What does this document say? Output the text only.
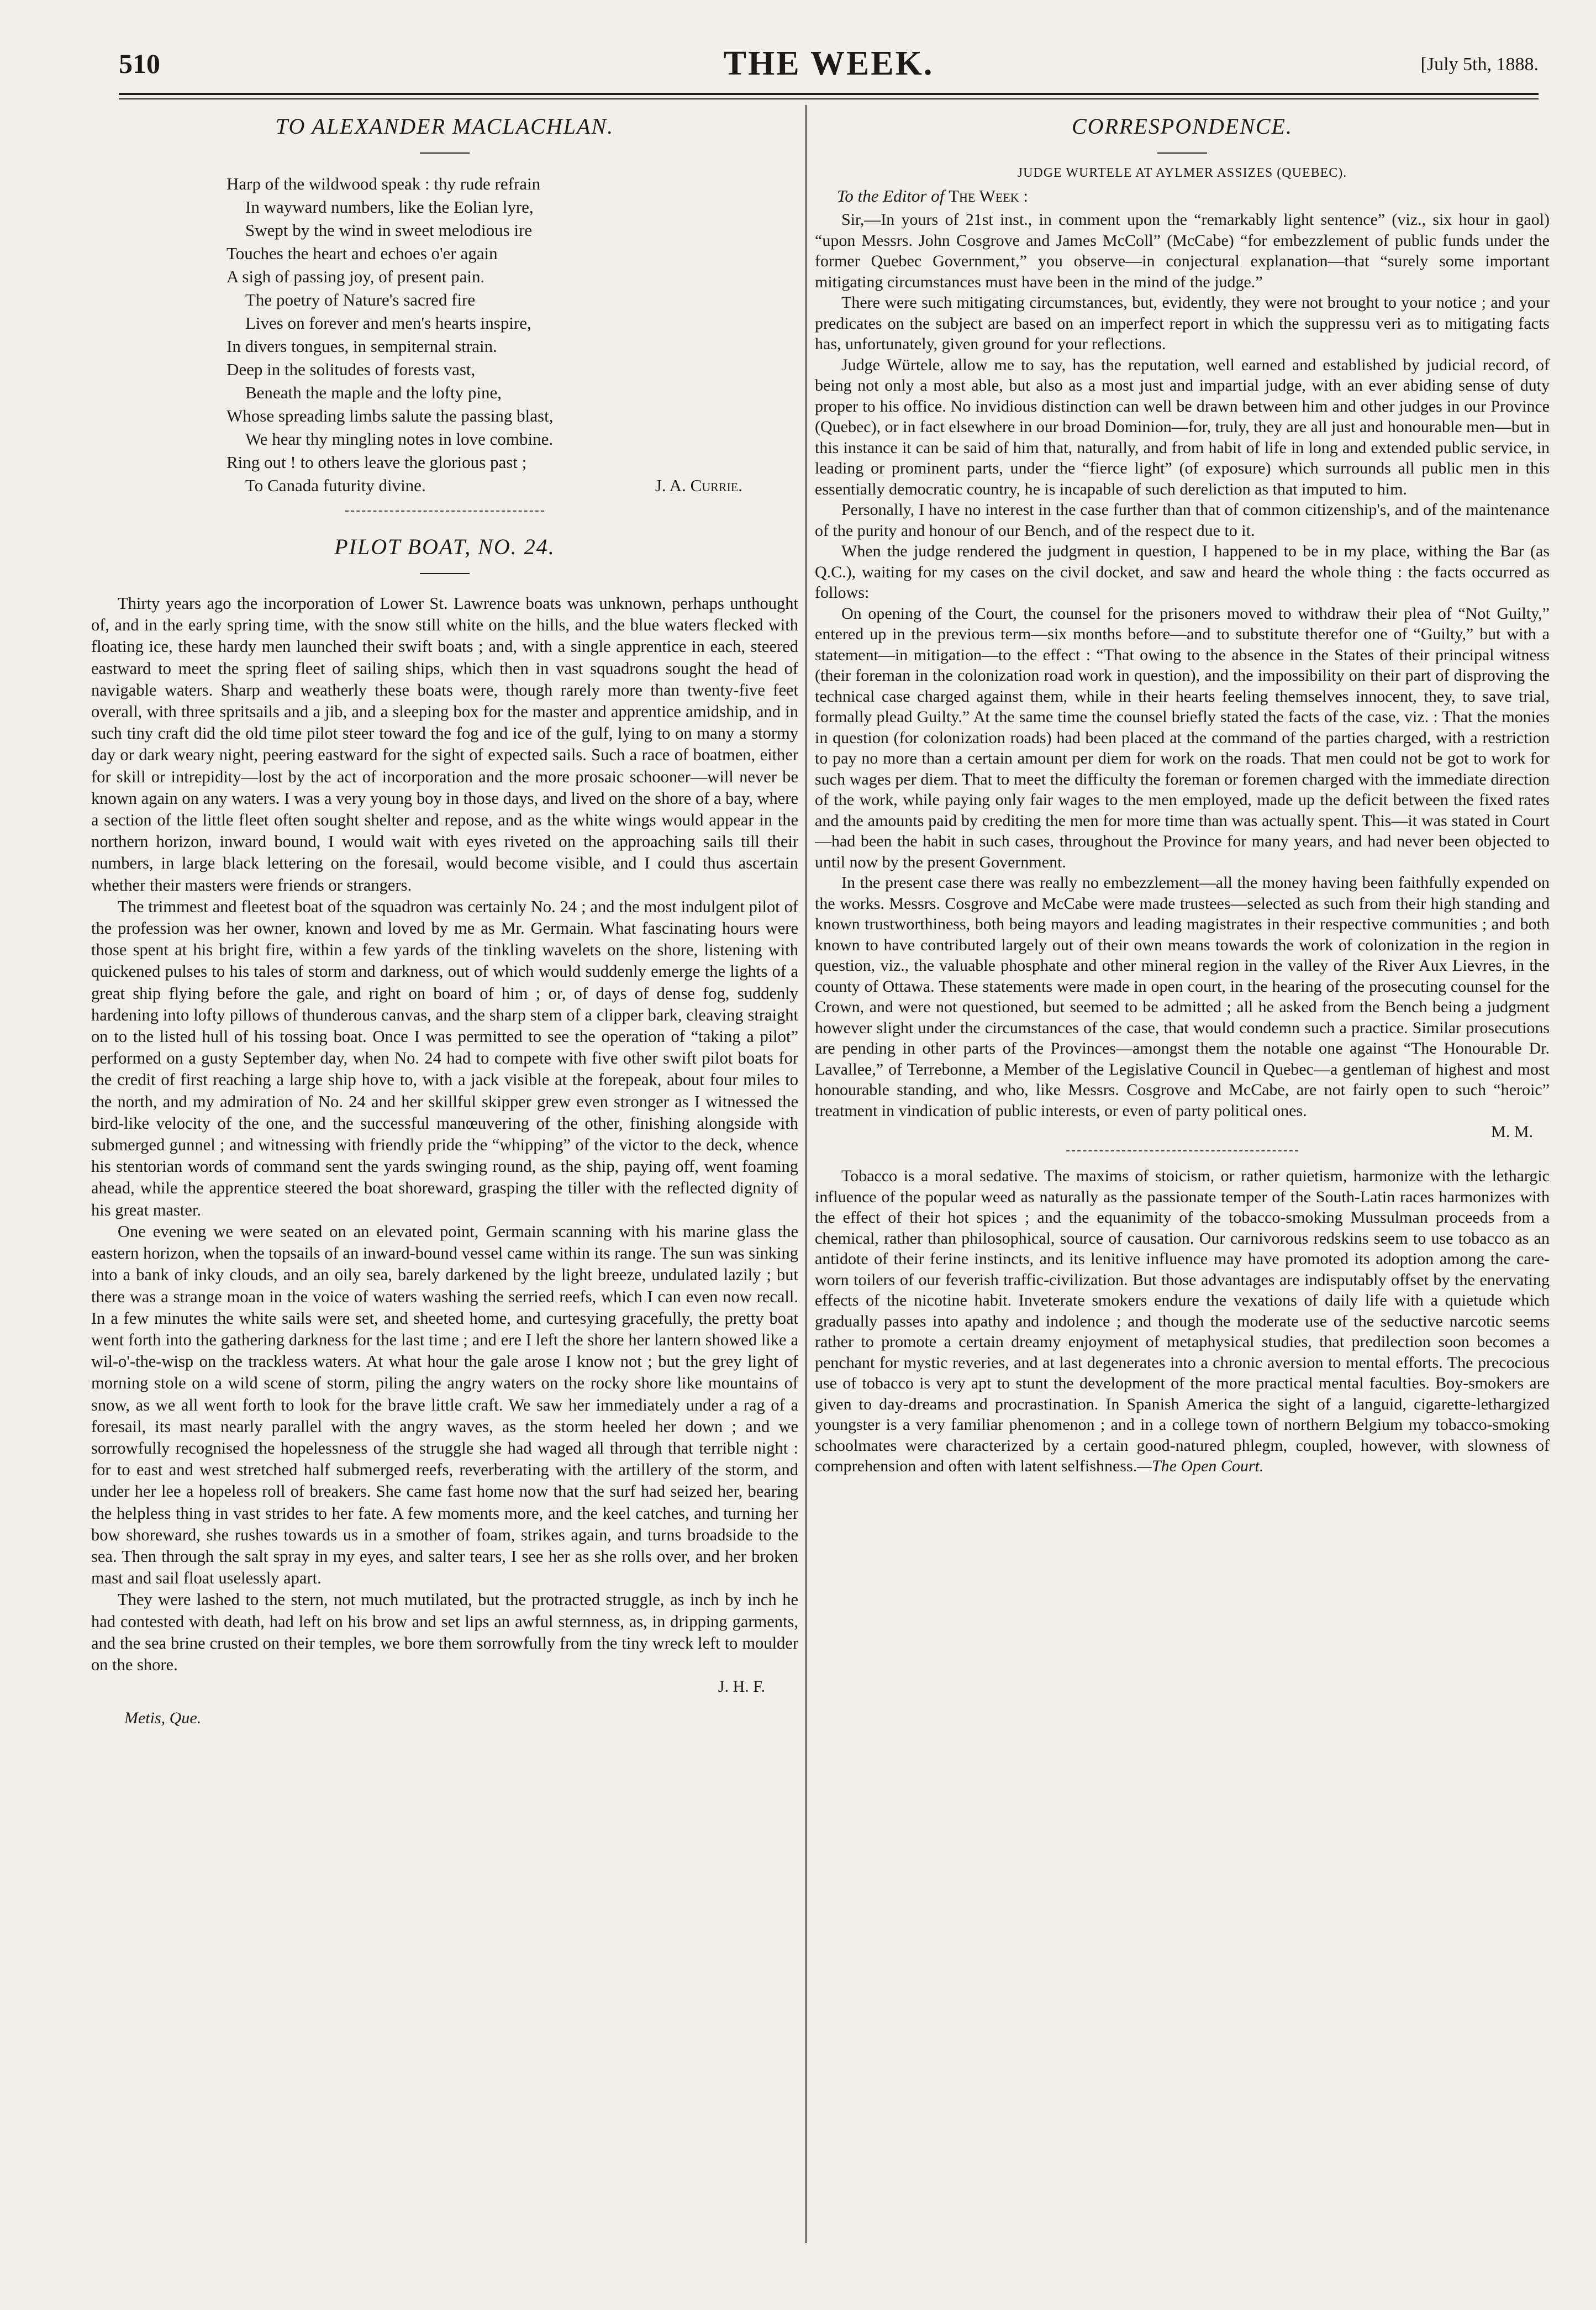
510	THE WEEK.	[July 5th, 1888.
TO ALEXANDER MACLACHLAN.
Harp of the wildwood speak : thy rude refrain
In wayward numbers, like the Eolian lyre,
Swept by the wind in sweet melodious ire
Touches the heart and echoes o'er again
A sigh of passing joy, of present pain.
The poetry of Nature's sacred fire
Lives on forever and men's hearts inspire,
In divers tongues, in sempiternal strain.
Deep in the solitudes of forests vast,
Beneath the maple and the lofty pine,
Whose spreading limbs salute the passing blast,
We hear thy mingling notes in love combine.
Ring out ! to others leave the glorious past ;
To Canada futurity divine.	J. A. Currie.
PILOT BOAT, NO. 24.

Thirty years ago the incorporation of Lower St. Lawrence boats was unknown, perhaps unthought of, and in the early spring time, with the snow still white on the hills, and the blue waters flecked with floating ice, these hardy men launched their swift boats ; and, with a single apprentice in each, steered eastward to meet the spring fleet of sailing ships, which then in vast squadrons sought the head of navigable waters. Sharp and weatherly these boats were, though rarely more than twenty-five feet overall, with three spritsails and a jib, and a sleeping box for the master and apprentice amidship, and in such tiny craft did the old time pilot steer toward the fog and ice of the gulf, lying to on many a stormy day or dark weary night, peering eastward for the sight of expected sails. Such a race of boatmen, either for skill or intrepidity—lost by the act of incorporation and the more prosaic schooner—will never be known again on any waters. I was a very young boy in those days, and lived on the shore of a bay, where a section of the little fleet often sought shelter and repose, and as the white wings would appear in the northern horizon, inward bound, I would wait with eyes riveted on the approaching sails till their numbers, in large black lettering on the foresail, would become visible, and I could thus ascertain whether their masters were friends or strangers.

The trimmest and fleetest boat of the squadron was certainly No. 24 ; and the most indulgent pilot of the profession was her owner, known and loved by me as Mr. Germain. What fascinating hours were those spent at his bright fire, within a few yards of the tinkling wavelets on the shore, listening with quickened pulses to his tales of storm and darkness, out of which would suddenly emerge the lights of a great ship flying before the gale, and right on board of him ; or, of days of dense fog, suddenly hardening into lofty pillows of thunderous canvas, and the sharp stem of a clipper bark, cleaving straight on to the listed hull of his tossing boat. Once I was permitted to see the operation of “taking a pilot” performed on a gusty September day, when No. 24 had to compete with five other swift pilot boats for the credit of first reaching a large ship hove to, with a jack visible at the forepeak, about four miles to the north, and my admiration of No. 24 and her skillful skipper grew even stronger as I witnessed the bird-like velocity of the one, and the successful manœuvering of the other, finishing alongside with submerged gunnel ; and witnessing with friendly pride the “whipping” of the victor to the deck, whence his stentorian words of command sent the yards swinging round, as the ship, paying off, went foaming ahead, while the apprentice steered the boat shoreward, grasping the tiller with the reflected dignity of his great master.

One evening we were seated on an elevated point, Germain scanning with his marine glass the eastern horizon, when the topsails of an inward-bound vessel came within its range. The sun was sinking into a bank of inky clouds, and an oily sea, barely darkened by the light breeze, undulated lazily ; but there was a strange moan in the voice of waters washing the serried reefs, which I can even now recall. In a few minutes the white sails were set, and sheeted home, and curtesying gracefully, the pretty boat went forth into the gathering darkness for the last time ; and ere I left the shore her lantern showed like a wil-o'-the-wisp on the trackless waters. At what hour the gale arose I know not ; but the grey light of morning stole on a wild scene of storm, piling the angry waters on the rocky shore like mountains of snow, as we all went forth to look for the brave little craft. We saw her immediately under a rag of a foresail, its mast nearly parallel with the angry waves, as the storm heeled her down ; and we sorrowfully recognised the hopelessness of the struggle she had waged all through that terrible night : for to east and west stretched half submerged reefs, reverberating with the artillery of the storm, and under her lee a hopeless roll of breakers. She came fast home now that the surf had seized her, bearing the helpless thing in vast strides to her fate. A few moments more, and the keel catches, and turning her bow shoreward, she rushes towards us in a smother of foam, strikes again, and turns broadside to the sea. Then through the salt spray in my eyes, and salter tears, I see her as she rolls over, and her broken mast and sail float uselessly apart.

They were lashed to the stern, not much mutilated, but the protracted struggle, as inch by inch he had contested with death, had left on his brow and set lips an awful sternness, as, in dripping garments, and the sea brine crusted on their temples, we bore them sorrowfully from the tiny wreck left to moulder on the shore.

J. H. F.
Metis, Que.
CORRESPONDENCE.
JUDGE WURTELE AT AYLMER ASSIZES (QUEBEC).
To the Editor of The Week :

Sir,—In yours of 21st inst., in comment upon the “remarkably light sentence” (viz., six hour in gaol) “upon Messrs. John Cosgrove and James McColl” (McCabe) “for embezzlement of public funds under the former Quebec Government,” you observe—in conjectural explanation—that “surely some important mitigating circumstances must have been in the mind of the judge.”

There were such mitigating circumstances, but, evidently, they were not brought to your notice ; and your predicates on the subject are based on an imperfect report in which the suppressu veri as to mitigating facts has, unfortunately, given ground for your reflections.

Judge Würtele, allow me to say, has the reputation, well earned and established by judicial record, of being not only a most able, but also as a most just and impartial judge, with an ever abiding sense of duty proper to his office. No invidious distinction can well be drawn between him and other judges in our Province (Quebec), or in fact elsewhere in our broad Dominion—for, truly, they are all just and honourable men—but in this instance it can be said of him that, naturally, and from habit of life in long and extended public service, in leading or prominent parts, under the “fierce light” (of exposure) which surrounds all public men in this essentially democratic country, he is incapable of such dereliction as that imputed to him.

Personally, I have no interest in the case further than that of common citizenship's, and of the maintenance of the purity and honour of our Bench, and of the respect due to it.

When the judge rendered the judgment in question, I happened to be in my place, withing the Bar (as Q.C.), waiting for my cases on the civil docket, and saw and heard the whole thing : the facts occurred as follows:

On opening of the Court, the counsel for the prisoners moved to withdraw their plea of “Not Guilty,” entered up in the previous term—six months before—and to substitute therefor one of “Guilty,” but with a statement—in mitigation—to the effect : “That owing to the absence in the States of their principal witness (their foreman in the colonization road work in question), and the impossibility on their part of disproving the technical case charged against them, while in their hearts feeling themselves innocent, they, to save trial, formally plead Guilty.” At the same time the counsel briefly stated the facts of the case, viz. : That the monies in question (for colonization roads) had been placed at the command of the parties charged, with a restriction to pay no more than a certain amount per diem for work on the roads. That men could not be got to work for such wages per diem. That to meet the difficulty the foreman or foremen charged with the immediate direction of the work, while paying only fair wages to the men employed, made up the deficit between the fixed rates and the amounts paid by crediting the men for more time than was actually spent. This—it was stated in Court—had been the habit in such cases, throughout the Province for many years, and had never been objected to until now by the present Government.

In the present case there was really no embezzlement—all the money having been faithfully expended on the works. Messrs. Cosgrove and McCabe were made trustees—selected as such from their high standing and known trustworthiness, both being mayors and leading magistrates in their respective communities ; and both known to have contributed largely out of their own means towards the work of colonization in the region in question, viz., the valuable phosphate and other mineral region in the valley of the River Aux Lievres, in the county of Ottawa. These statements were made in open court, in the hearing of the prosecuting counsel for the Crown, and were not questioned, but seemed to be admitted ; all he asked from the Bench being a judgment however slight under the circumstances of the case, that would condemn such a practice. Similar prosecutions are pending in other parts of the Provinces—amongst them the notable one against “The Honourable Dr. Lavallee,” of Terrebonne, a Member of the Legislative Council in Quebec—a gentleman of highest and most honourable standing, and who, like Messrs. Cosgrove and McCabe, are not fairly open to such “heroic” treatment in vindication of public interests, or even of party political ones.

M. M.

Tobacco is a moral sedative. The maxims of stoicism, or rather quietism, harmonize with the lethargic influence of the popular weed as naturally as the passionate temper of the South-Latin races harmonizes with the effect of their hot spices ; and the equanimity of the tobacco-smoking Mussulman proceeds from a chemical, rather than philosophical, source of causation. Our carnivorous redskins seem to use tobacco as an antidote of their ferine instincts, and its lenitive influence may have promoted its adoption among the care-worn toilers of our feverish traffic-civilization. But those advantages are indisputably offset by the enervating effects of the nicotine habit. Inveterate smokers endure the vexations of daily life with a quietude which gradually passes into apathy and indolence ; and though the moderate use of the seductive narcotic seems rather to promote a certain dreamy enjoyment of metaphysical studies, that predilection soon becomes a penchant for mystic reveries, and at last degenerates into a chronic aversion to mental efforts. The precocious use of tobacco is very apt to stunt the development of the more practical mental faculties. Boy-smokers are given to day-dreams and procrastination. In Spanish America the sight of a languid, cigarette-lethargized youngster is a very familiar phenomenon ; and in a college town of northern Belgium my tobacco-smoking schoolmates were characterized by a certain good-natured phlegm, coupled, however, with slowness of comprehension and often with latent selfishness.—The Open Court.
